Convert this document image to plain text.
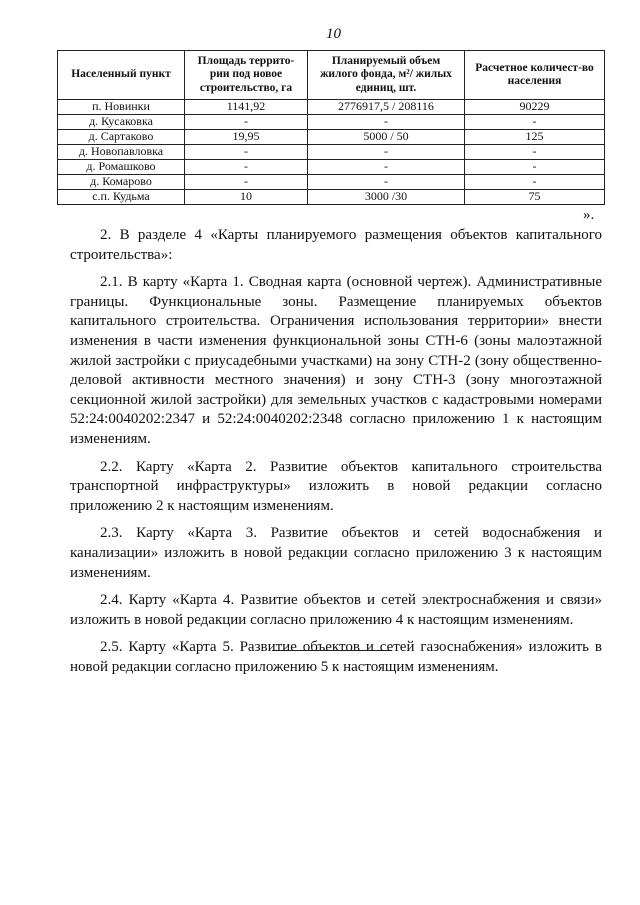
10
Населенный пункт	Площадь террито-рии под новое строительство, га	Планируемый объем жилого фонда, м²/ жилых единиц, шт.	Расчетное количест-во населения
п. Новинки	1141,92	2776917,5 / 208116	90229
д. Кусаковка	-	-	-
д. Сартаково	19,95	5000 / 50	125
д. Новопавловка	-	-	-
д. Ромашково	-	-	-
д. Комарово	-	-	-
с.п. Кудьма	10	3000 /30	75
».

2. В разделе 4 «Карты планируемого размещения объектов капитального строительства»:

2.1. В карту «Карта 1. Сводная карта (основной чертеж). Административные границы. Функциональные зоны. Размещение планируемых объектов капитального строительства. Ограничения использования территории» внести изменения в части изменения функциональной зоны СТН-6 (зоны малоэтажной жилой застройки с приусадебными участками) на зону СТН-2 (зону общественно-деловой активности местного значения) и зону СТН-3 (зону многоэтажной секционной жилой застройки) для земельных участков с кадастровыми номерами 52:24:0040202:2347 и 52:24:0040202:2348 согласно приложению 1 к настоящим изменениям.

2.2. Карту «Карта 2. Развитие объектов капитального строительства транспортной инфраструктуры» изложить в новой редакции согласно приложению 2 к настоящим изменениям.

2.3. Карту «Карта 3. Развитие объектов и сетей водоснабжения и канализации» изложить в новой редакции согласно приложению 3 к настоящим изменениям.

2.4. Карту «Карта 4. Развитие объектов и сетей электроснабжения и связи» изложить в новой редакции согласно приложению 4 к настоящим изменениям.

2.5. Карту «Карта 5. Развитие объектов и сетей газоснабжения» изложить в новой редакции согласно приложению 5 к настоящим изменениям.
